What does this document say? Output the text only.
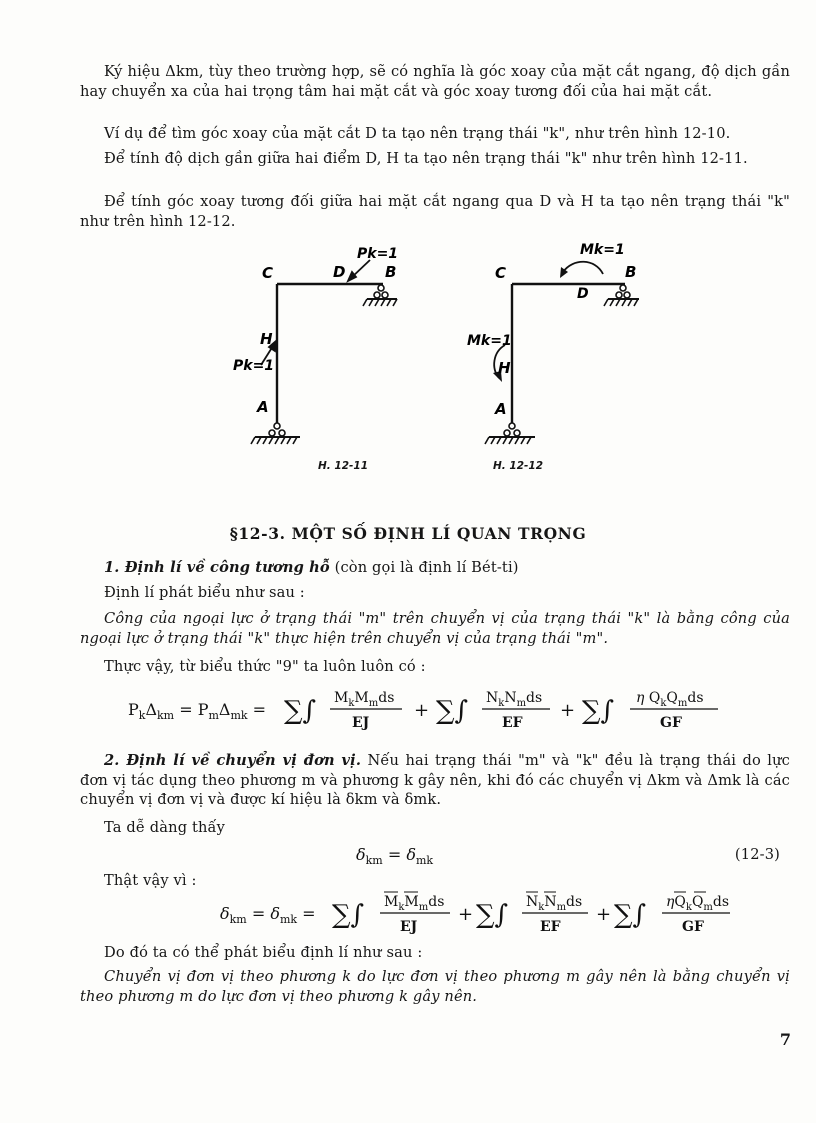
Ký hiệu Δkm, tùy theo trường hợp, sẽ có nghĩa là góc xoay của mặt cắt ngang, độ dịch gần hay chuyển xa của hai trọng tâm hai mặt cắt và góc xoay tương đối của hai mặt cắt.
Ví dụ để tìm góc xoay của mặt cắt D ta tạo nên trạng thái "k", như trên hình 12-10.
Để tính độ dịch gần giữa hai điểm D, H ta tạo nên trạng thái "k" như trên hình 12-11.
Để tính góc xoay tương đối giữa hai mặt cắt ngang qua D và H ta tạo nên trạng thái "k" như trên hình 12-12.
C	D	B
Pk=1
H
Pk=1
A
H. 12-11
C
D
B
Mk=1
Mk=1
H
A
H. 12-12
§12-3. MỘT SỐ ĐỊNH LÍ QUAN TRỌNG
1. Định lí về công tương hỗ (còn gọi là định lí Bét-ti)
Định lí phát biểu như sau :
Công của ngoại lực ở trạng thái "m" trên chuyển vị của trạng thái "k" là bằng công của ngoại lực ở trạng thái "k" thực hiện trên chuyển vị của trạng thái "m".
Thực vậy, từ biểu thức "9" ta luôn luôn có :
$P_k\Delta_{km} = P_m\Delta_{mk}$ = ∑∫ $M_kM_mds$
EJ
+ ∑∫ $N_kN_mds$
EF
+ ∑∫ η $Q_kQ_mds$
GF
2. Định lí về chuyển vị đơn vị. Nếu hai trạng thái "m" và "k" đều là trạng thái do lực đơn vị tác dụng theo phương m và phương k gây nên, khi đó các chuyển vị Δkm và Δmk là các chuyển vị đơn vị và được kí hiệu là δkm và δmk.
Ta dễ dàng thấy
$\delta_{km} = \delta_{mk}$	(12-3)
Thật vậy vì :
$\delta_{km} = \delta_{mk}$ = ∑∫ $M_kM_mds$
EJ
+ ∑∫ $N_kN_mds$
EF
+ ∑∫ $\eta Q_kQ_mds$
GF
Do đó ta có thể phát biểu định lí như sau :
Chuyển vị đơn vị theo phương k do lực đơn vị theo phương m gây nên là bằng chuyển vị theo phương m do lực đơn vị theo phương k gây nên.
7
